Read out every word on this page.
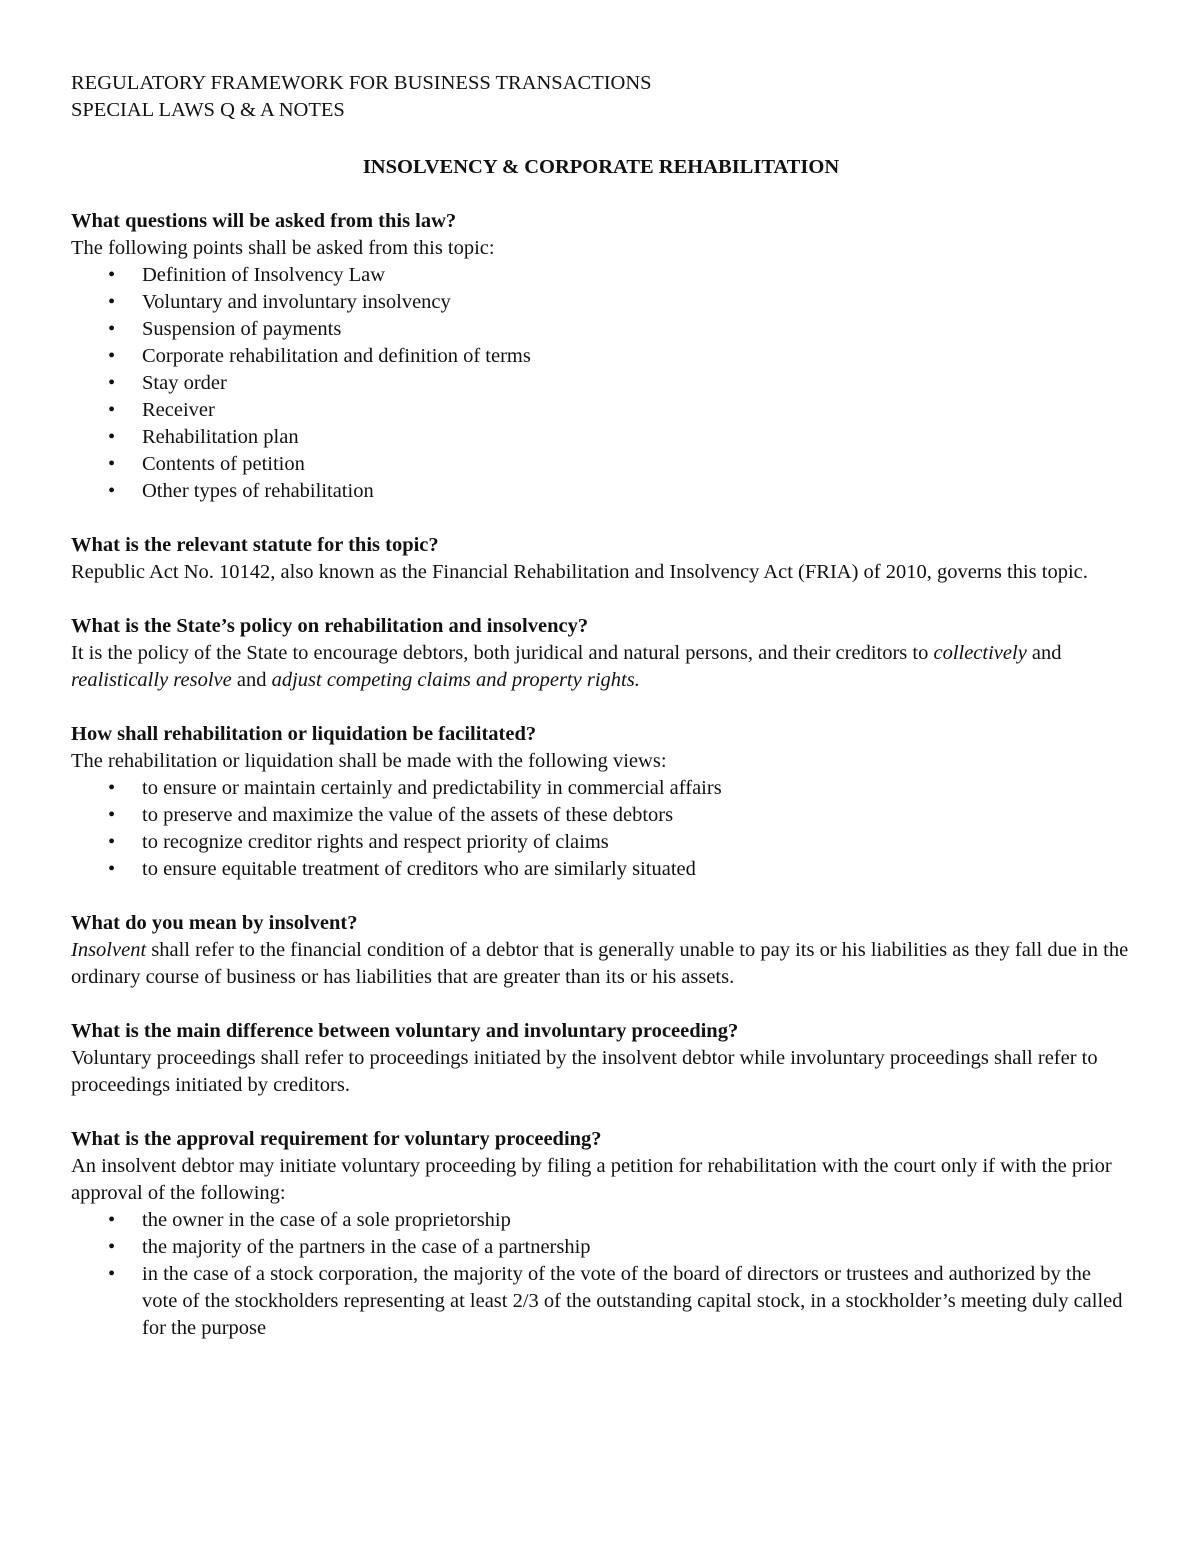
REGULATORY FRAMEWORK FOR BUSINESS TRANSACTIONS

SPECIAL LAWS Q & A NOTES

INSOLVENCY & CORPORATE REHABILITATION

What questions will be asked from this law?

The following points shall be asked from this topic:

• Definition of Insolvency Law
• Voluntary and involuntary insolvency
• Suspension of payments
• Corporate rehabilitation and definition of terms
• Stay order
• Receiver
• Rehabilitation plan
• Contents of petition
• Other types of rehabilitation

What is the relevant statute for this topic?

Republic Act No. 10142, also known as the Financial Rehabilitation and Insolvency Act (FRIA) of 2010, governs this topic.

What is the State’s policy on rehabilitation and insolvency?

It is the policy of the State to encourage debtors, both juridical and natural persons, and their creditors to collectively and realistically resolve and adjust competing claims and property rights.

How shall rehabilitation or liquidation be facilitated?

The rehabilitation or liquidation shall be made with the following views:

• to ensure or maintain certainly and predictability in commercial affairs
• to preserve and maximize the value of the assets of these debtors
• to recognize creditor rights and respect priority of claims
• to ensure equitable treatment of creditors who are similarly situated

What do you mean by insolvent?

Insolvent shall refer to the financial condition of a debtor that is generally unable to pay its or his liabilities as they fall due in the ordinary course of business or has liabilities that are greater than its or his assets.

What is the main difference between voluntary and involuntary proceeding?

Voluntary proceedings shall refer to proceedings initiated by the insolvent debtor while involuntary proceedings shall refer to proceedings initiated by creditors.

What is the approval requirement for voluntary proceeding?

An insolvent debtor may initiate voluntary proceeding by filing a petition for rehabilitation with the court only if with the prior approval of the following:

• the owner in the case of a sole proprietorship
• the majority of the partners in the case of a partnership
• in the case of a stock corporation, the majority of the vote of the board of directors or trustees and authorized by the vote of the stockholders representing at least 2/3 of the outstanding capital stock, in a stockholder’s meeting duly called for the purpose
